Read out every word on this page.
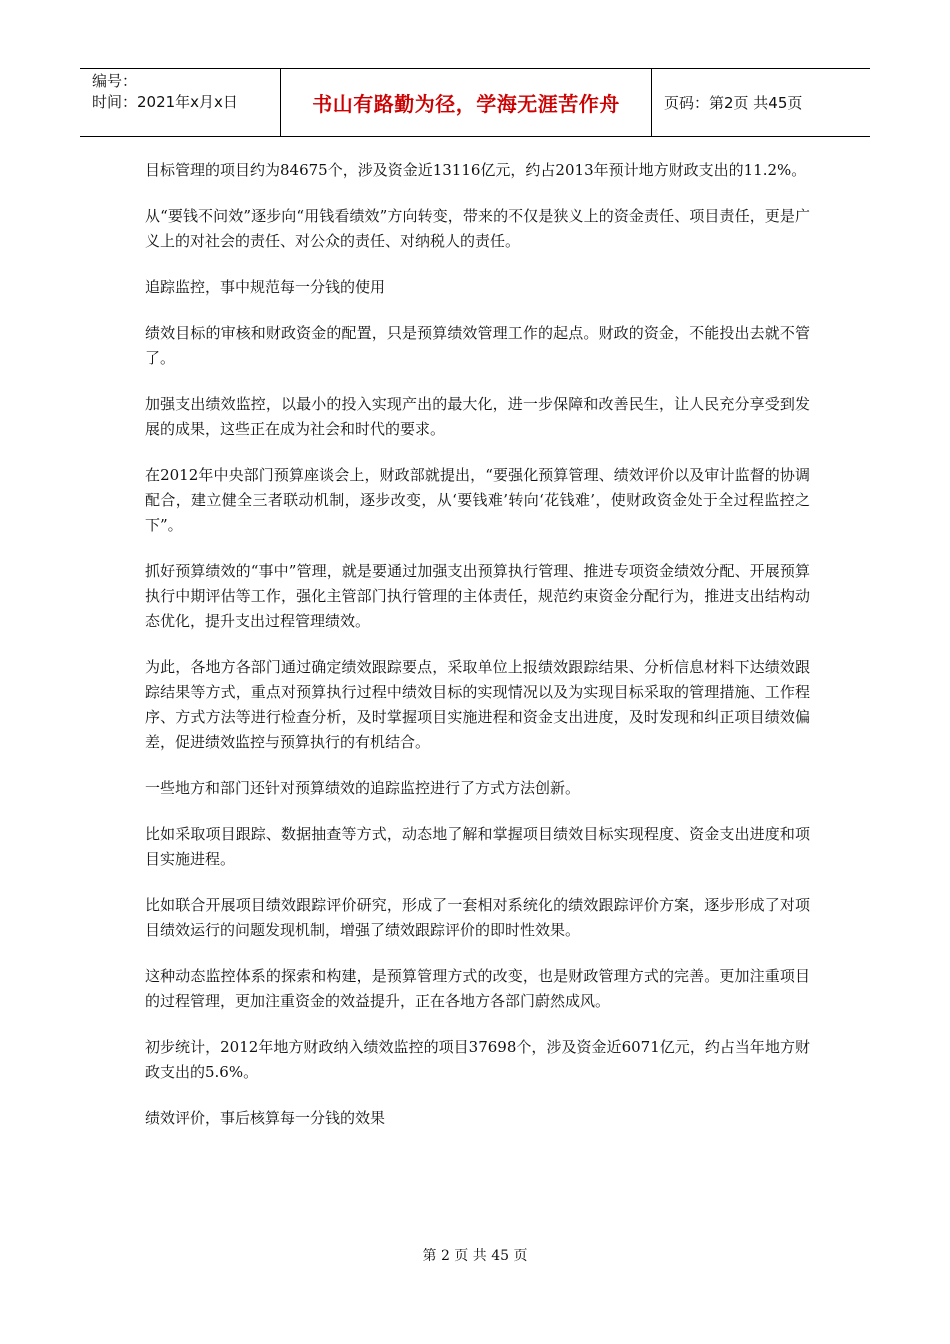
编号：
时间：2021年x月x日	书山有路勤为径，学海无涯苦作舟	页码：第2页 共45页

目标管理的项目约为84675个，涉及资金近13116亿元，约占2013年预计地方财政支出的11.2%。

从“要钱不问效”逐步向“用钱看绩效”方向转变，带来的不仅是狭义上的资金责任、项目责任，更是广义上的对社会的责任、对公众的责任、对纳税人的责任。

追踪监控，事中规范每一分钱的使用

绩效目标的审核和财政资金的配置，只是预算绩效管理工作的起点。财政的资金，不能投出去就不管了。

加强支出绩效监控，以最小的投入实现产出的最大化，进一步保障和改善民生，让人民充分享受到发展的成果，这些正在成为社会和时代的要求。

在2012年中央部门预算座谈会上，财政部就提出，“要强化预算管理、绩效评价以及审计监督的协调配合，建立健全三者联动机制，逐步改变，从‘要钱难’转向‘花钱难’，使财政资金处于全过程监控之下”。

抓好预算绩效的“事中”管理，就是要通过加强支出预算执行管理、推进专项资金绩效分配、开展预算执行中期评估等工作，强化主管部门执行管理的主体责任，规范约束资金分配行为，推进支出结构动态优化，提升支出过程管理绩效。

为此，各地方各部门通过确定绩效跟踪要点，采取单位上报绩效跟踪结果、分析信息材料下达绩效跟踪结果等方式，重点对预算执行过程中绩效目标的实现情况以及为实现目标采取的管理措施、工作程序、方式方法等进行检查分析，及时掌握项目实施进程和资金支出进度，及时发现和纠正项目绩效偏差，促进绩效监控与预算执行的有机结合。

一些地方和部门还针对预算绩效的追踪监控进行了方式方法创新。

比如采取项目跟踪、数据抽查等方式，动态地了解和掌握项目绩效目标实现程度、资金支出进度和项目实施进程。

比如联合开展项目绩效跟踪评价研究，形成了一套相对系统化的绩效跟踪评价方案，逐步形成了对项目绩效运行的问题发现机制，增强了绩效跟踪评价的即时性效果。

这种动态监控体系的探索和构建，是预算管理方式的改变，也是财政管理方式的完善。更加注重项目的过程管理，更加注重资金的效益提升，正在各地方各部门蔚然成风。

初步统计，2012年地方财政纳入绩效监控的项目37698个，涉及资金近6071亿元，约占当年地方财政支出的5.6%。

绩效评价，事后核算每一分钱的效果

第 2 页 共 45 页
